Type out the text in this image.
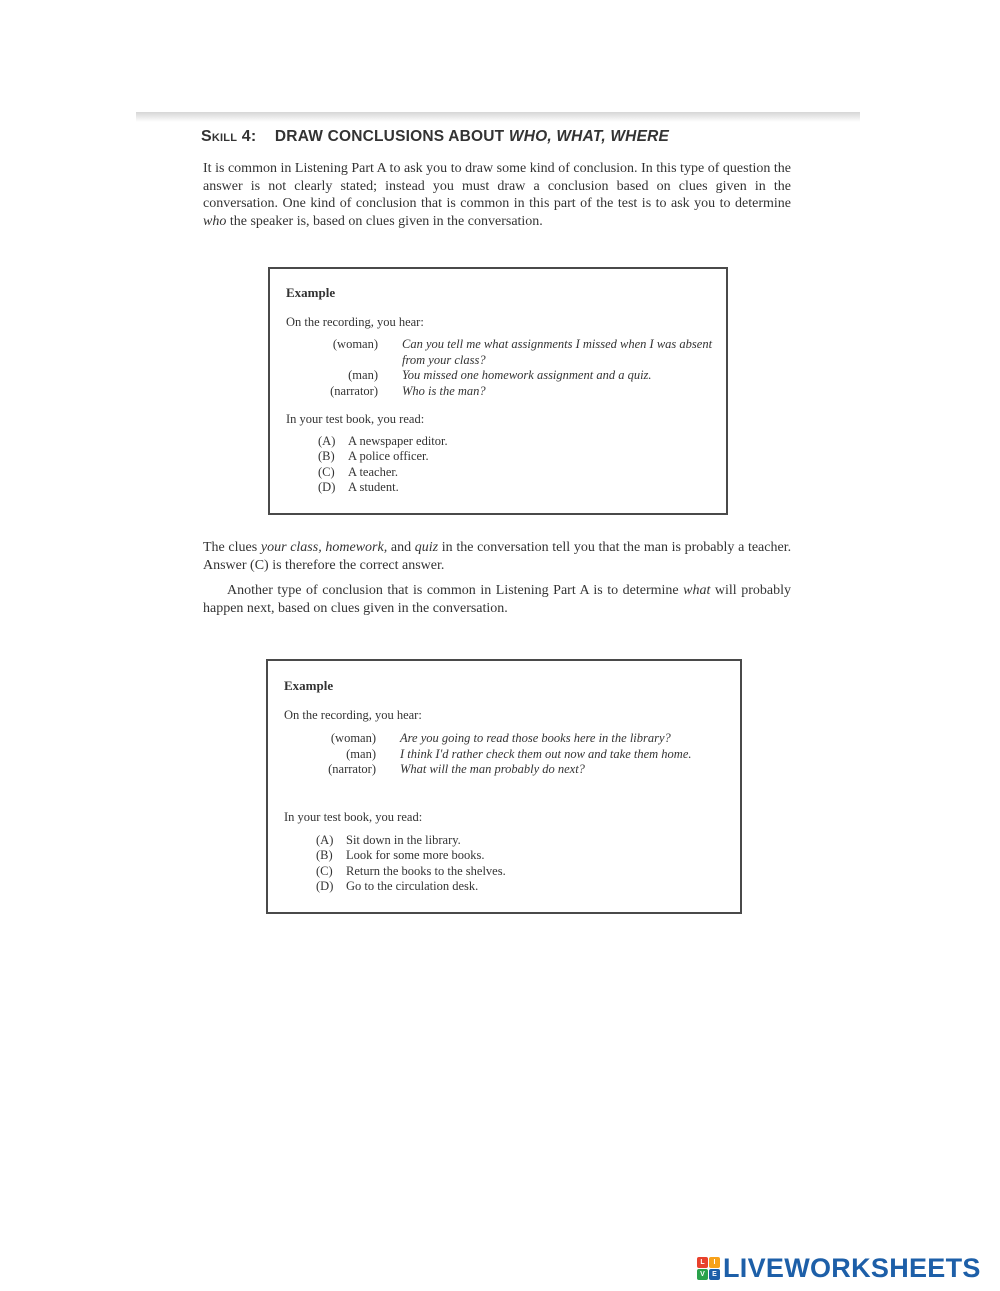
Skill 4: DRAW CONCLUSIONS ABOUT WHO, WHAT, WHERE

It is common in Listening Part A to ask you to draw some kind of conclusion. In this type of question the answer is not clearly stated; instead you must draw a conclusion based on clues given in the conversation. One kind of conclusion that is common in this part of the test is to ask you to determine who the speaker is, based on clues given in the conversation.

Example
On the recording, you hear:
(woman)	Can you tell me what assignments I missed when I was absent from your class?
(man)	You missed one homework assignment and a quiz.
(narrator)	Who is the man?
In your test book, you read:
(A)	A newspaper editor.
(B)	A police officer.
(C)	A teacher.
(D)	A student.

The clues your class, homework, and quiz in the conversation tell you that the man is probably a teacher. Answer (C) is therefore the correct answer.

Another type of conclusion that is common in Listening Part A is to determine what will probably happen next, based on clues given in the conversation.

Example
On the recording, you hear:
(woman)	Are you going to read those books here in the library?
(man)	I think I'd rather check them out now and take them home.
(narrator)	What will the man probably do next?
In your test book, you read:
(A)	Sit down in the library.
(B)	Look for some more books.
(C)	Return the books to the shelves.
(D)	Go to the circulation desk.
L	I
V	E LIVEWORKSHEETS
